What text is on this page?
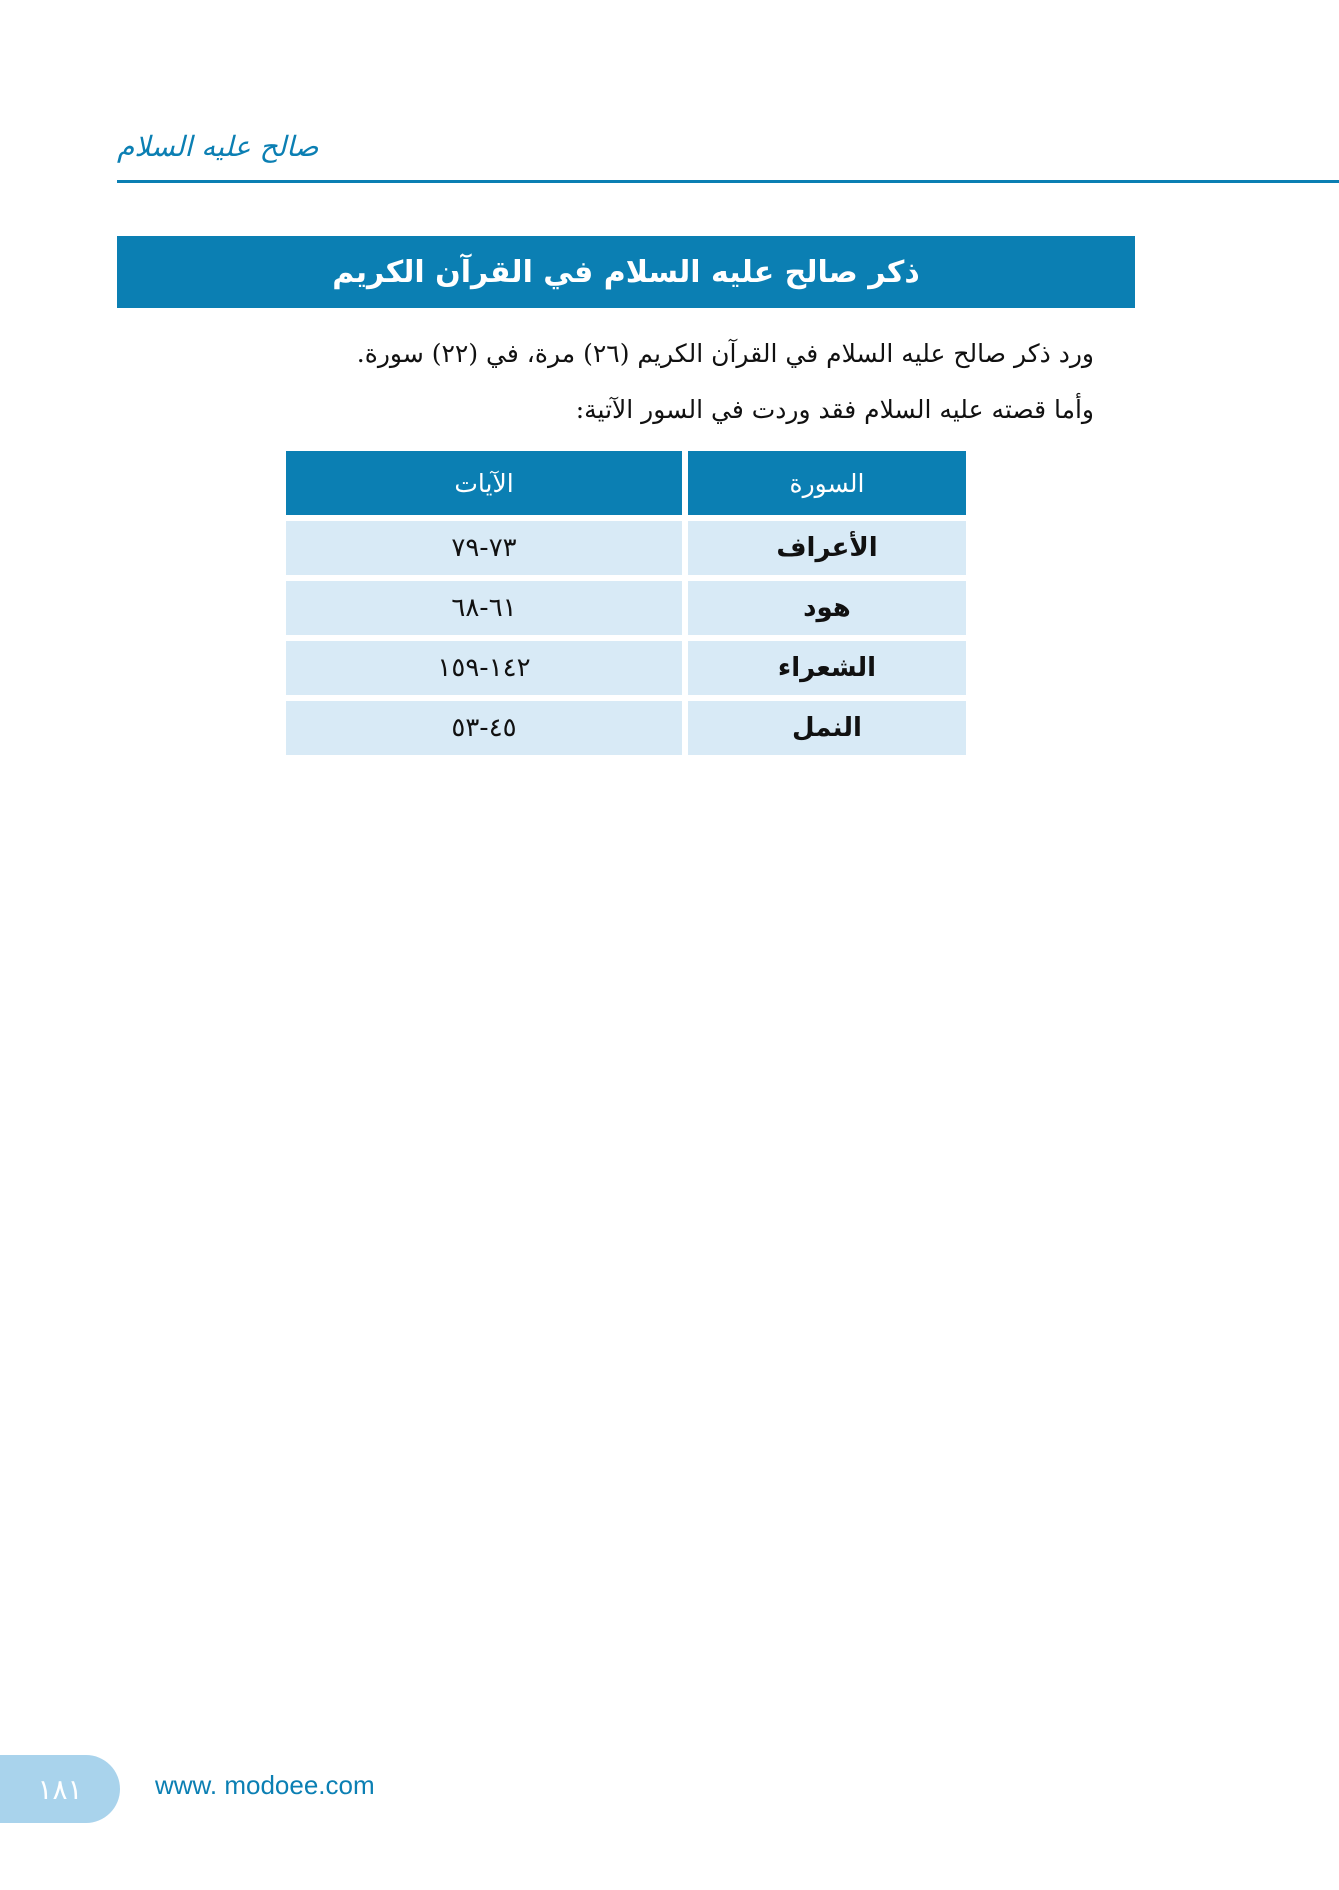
صالح عليه السلام
ذكر صالح عليه السلام في القرآن الكريم

ورد ذكر صالح عليه السلام في القرآن الكريم (٢٦) مرة، في (٢٢) سورة.

وأما قصته عليه السلام فقد وردت في السور الآتية:

السورة	الآيات
الأعراف	٧٣-٧٩
هود	٦١-٦٨
الشعراء	١٤٢-١٥٩
النمل	٤٥-٥٣
١٨١	www. modoee.com
